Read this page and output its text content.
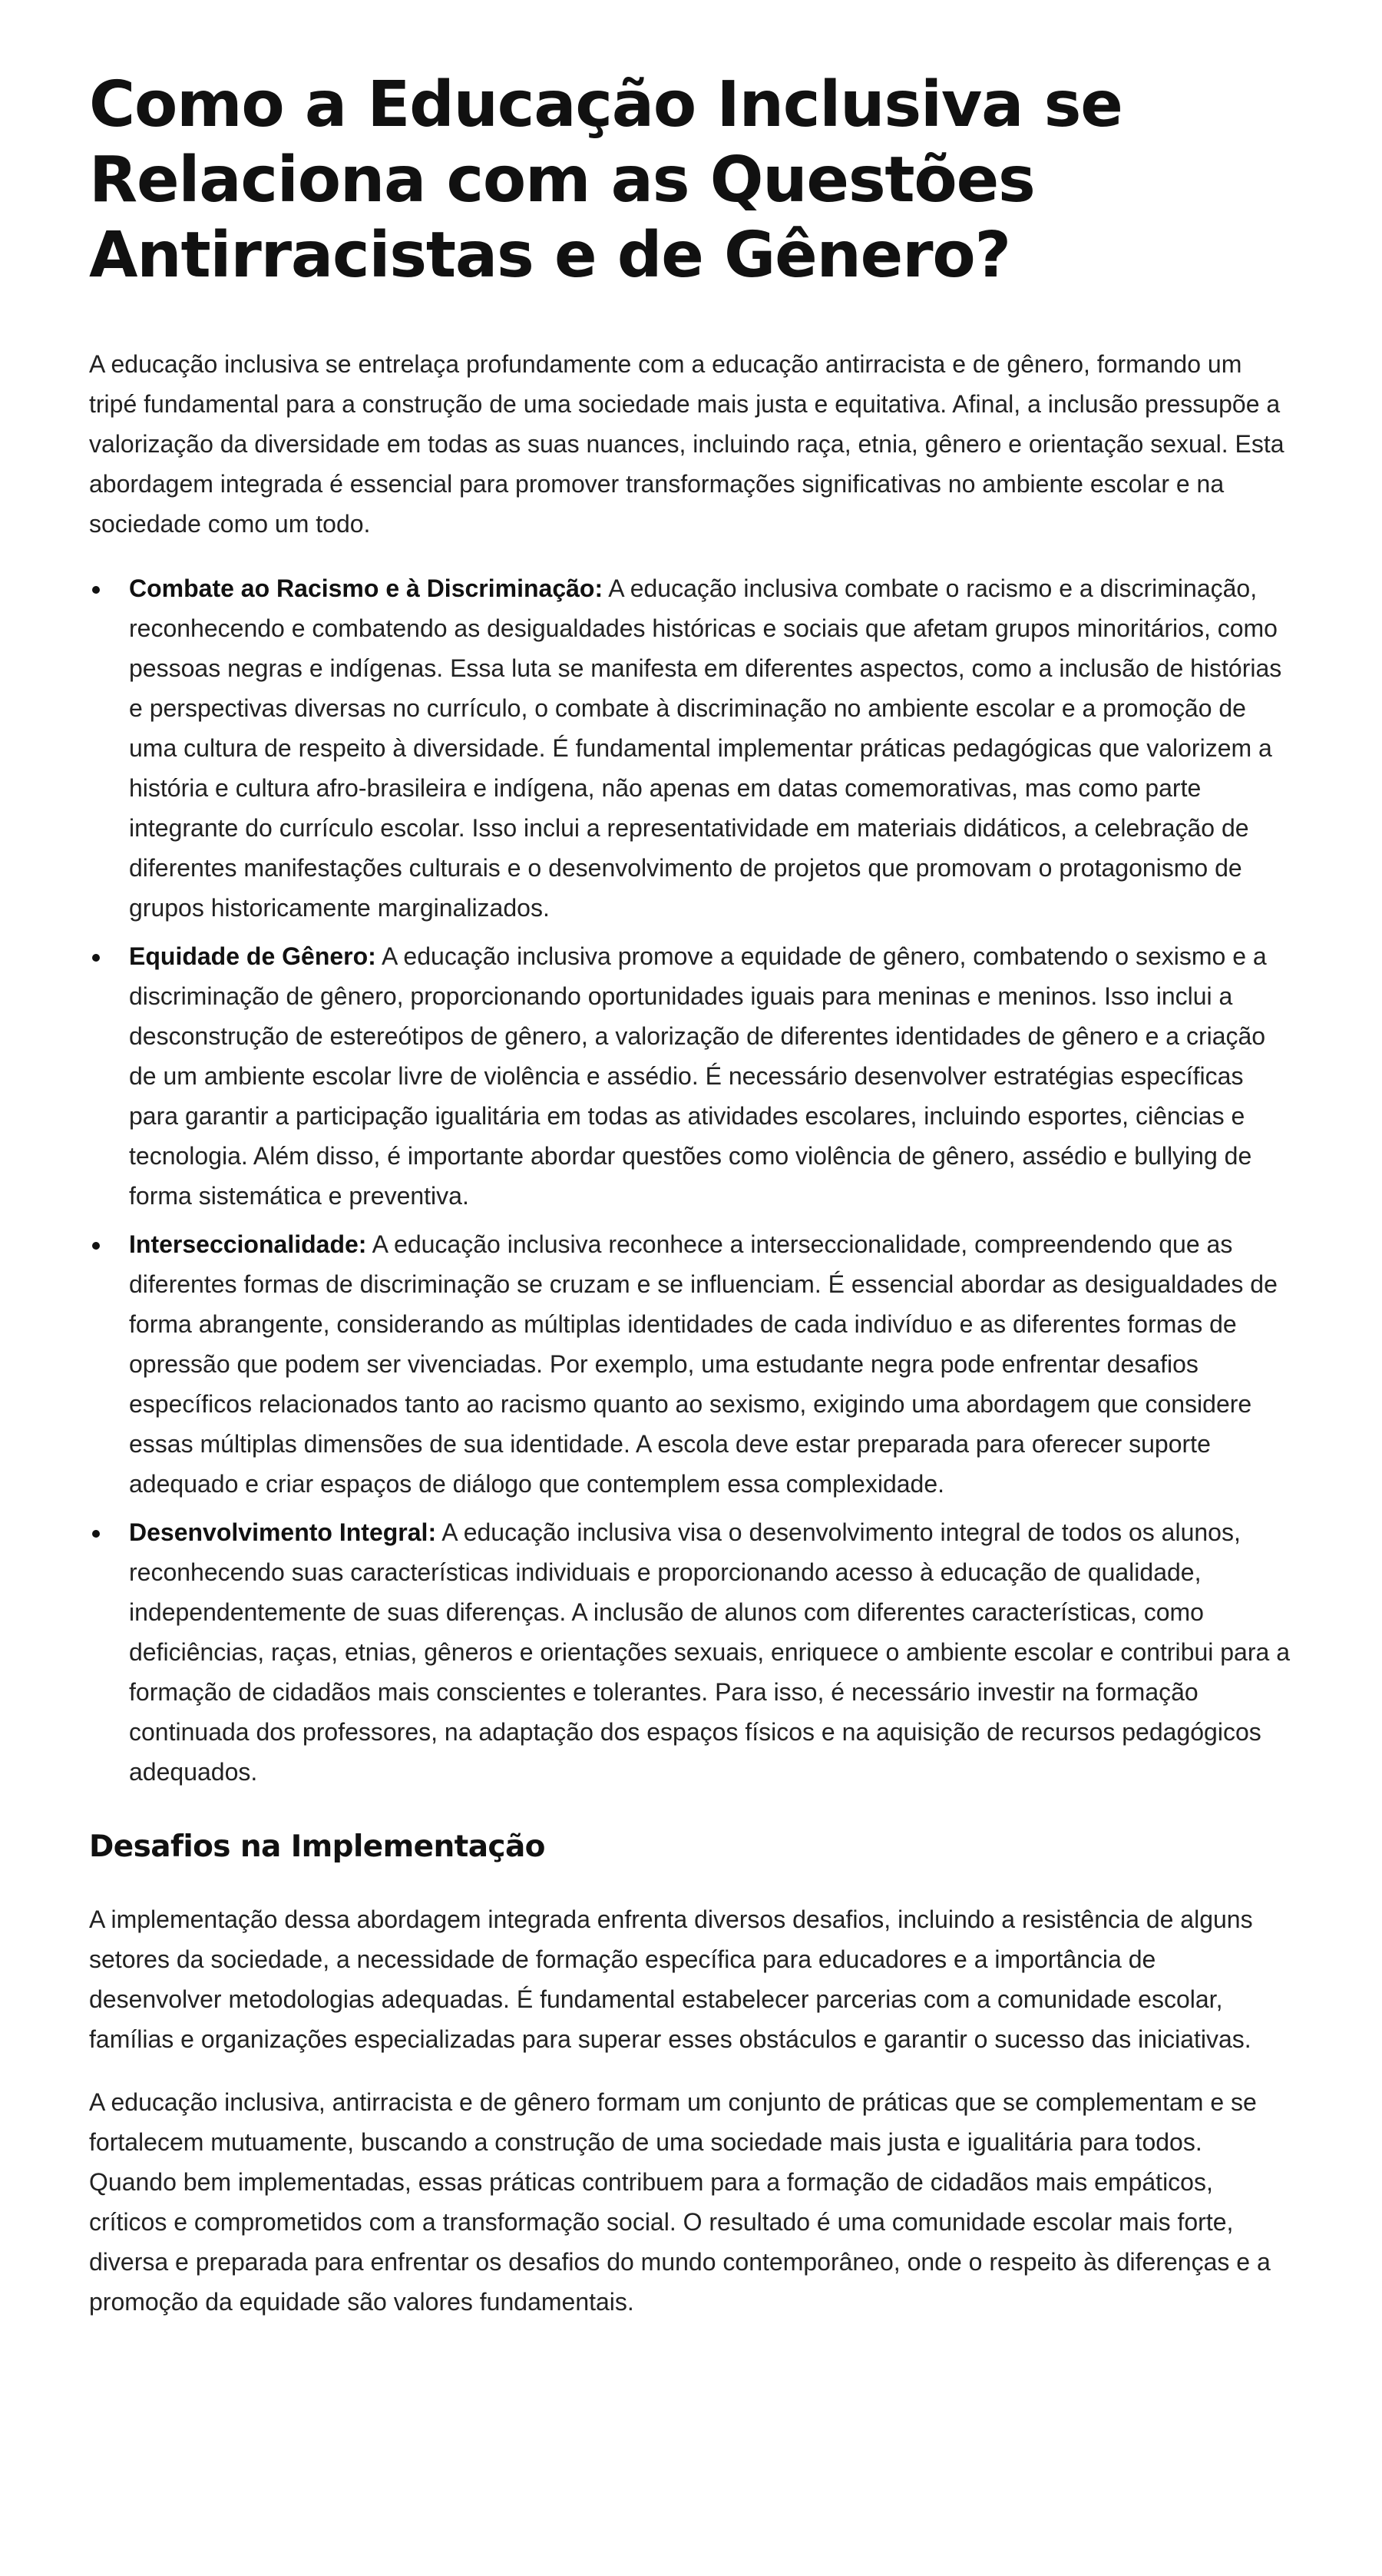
Como a Educação Inclusiva se Relaciona com as Questões Antirracistas e de Gênero?

A educação inclusiva se entrelaça profundamente com a educação antirracista e de gênero, formando um tripé fundamental para a construção de uma sociedade mais justa e equitativa. Afinal, a inclusão pressupõe a valorização da diversidade em todas as suas nuances, incluindo raça, etnia, gênero e orientação sexual. Esta abordagem integrada é essencial para promover transformações significativas no ambiente escolar e na sociedade como um todo.

Combate ao Racismo e à Discriminação: A educação inclusiva combate o racismo e a discriminação, reconhecendo e combatendo as desigualdades históricas e sociais que afetam grupos minoritários, como pessoas negras e indígenas. Essa luta se manifesta em diferentes aspectos, como a inclusão de histórias e perspectivas diversas no currículo, o combate à discriminação no ambiente escolar e a promoção de uma cultura de respeito à diversidade. É fundamental implementar práticas pedagógicas que valorizem a história e cultura afro-brasileira e indígena, não apenas em datas comemorativas, mas como parte integrante do currículo escolar. Isso inclui a representatividade em materiais didáticos, a celebração de diferentes manifestações culturais e o desenvolvimento de projetos que promovam o protagonismo de grupos historicamente marginalizados.
Equidade de Gênero: A educação inclusiva promove a equidade de gênero, combatendo o sexismo e a discriminação de gênero, proporcionando oportunidades iguais para meninas e meninos. Isso inclui a desconstrução de estereótipos de gênero, a valorização de diferentes identidades de gênero e a criação de um ambiente escolar livre de violência e assédio. É necessário desenvolver estratégias específicas para garantir a participação igualitária em todas as atividades escolares, incluindo esportes, ciências e tecnologia. Além disso, é importante abordar questões como violência de gênero, assédio e bullying de forma sistemática e preventiva.
Interseccionalidade: A educação inclusiva reconhece a interseccionalidade, compreendendo que as diferentes formas de discriminação se cruzam e se influenciam. É essencial abordar as desigualdades de forma abrangente, considerando as múltiplas identidades de cada indivíduo e as diferentes formas de opressão que podem ser vivenciadas. Por exemplo, uma estudante negra pode enfrentar desafios específicos relacionados tanto ao racismo quanto ao sexismo, exigindo uma abordagem que considere essas múltiplas dimensões de sua identidade. A escola deve estar preparada para oferecer suporte adequado e criar espaços de diálogo que contemplem essa complexidade.
Desenvolvimento Integral: A educação inclusiva visa o desenvolvimento integral de todos os alunos, reconhecendo suas características individuais e proporcionando acesso à educação de qualidade, independentemente de suas diferenças. A inclusão de alunos com diferentes características, como deficiências, raças, etnias, gêneros e orientações sexuais, enriquece o ambiente escolar e contribui para a formação de cidadãos mais conscientes e tolerantes. Para isso, é necessário investir na formação continuada dos professores, na adaptação dos espaços físicos e na aquisição de recursos pedagógicos adequados.
Desafios na Implementação

A implementação dessa abordagem integrada enfrenta diversos desafios, incluindo a resistência de alguns setores da sociedade, a necessidade de formação específica para educadores e a importância de desenvolver metodologias adequadas. É fundamental estabelecer parcerias com a comunidade escolar, famílias e organizações especializadas para superar esses obstáculos e garantir o sucesso das iniciativas.

A educação inclusiva, antirracista e de gênero formam um conjunto de práticas que se complementam e se fortalecem mutuamente, buscando a construção de uma sociedade mais justa e igualitária para todos. Quando bem implementadas, essas práticas contribuem para a formação de cidadãos mais empáticos, críticos e comprometidos com a transformação social. O resultado é uma comunidade escolar mais forte, diversa e preparada para enfrentar os desafios do mundo contemporâneo, onde o respeito às diferenças e a promoção da equidade são valores fundamentais.
